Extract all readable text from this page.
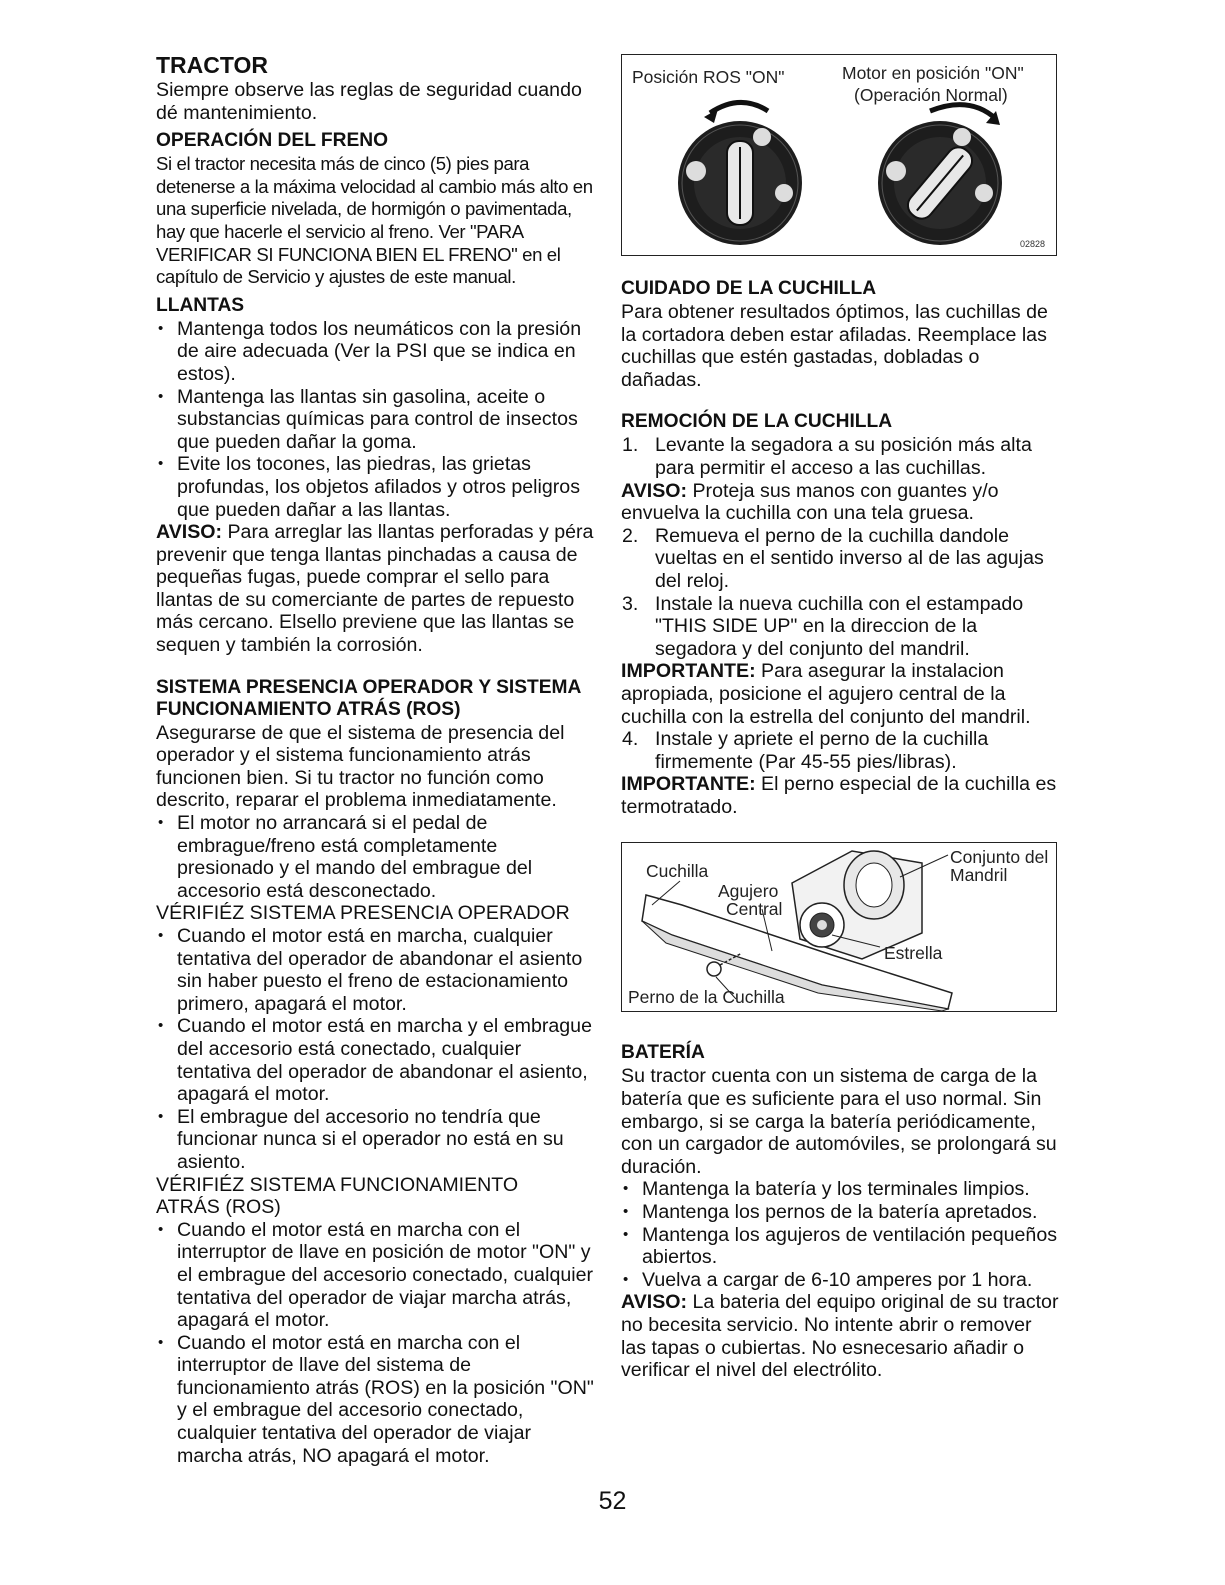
TRACTOR

Siempre observe las reglas de seguridad cuando dé mantenimiento.

OPERACIÓN DEL FRENO

Si el tractor necesita más de cinco (5) pies para detenerse a la máxima velocidad al cambio más alto en una superficie nivelada, de hormigón o pavimentada, hay que hacerle el servicio al freno. Ver "PARA VERIFICAR SI FUNCIONA BIEN EL FRENO" en el capítulo de Servicio y ajustes de este manual.

LLANTAS
• Mantenga todos los neumáticos con la presión de aire adecuada (Ver la PSI que se indica en estos).
• Mantenga las llantas sin gasolina, aceite o substancias químicas para control de insectos que pueden dañar la goma.
• Evite los tocones, las piedras, las grietas profundas, los objetos afilados y otros peligros que pueden dañar a las llantas.

AVISO: Para arreglar las llantas perforadas y péra prevenir que tenga llantas pinchadas a causa de pequeñas fugas, puede comprar el sello para llantas de su comerciante de partes de repuesto más cercano. Elsello previene que las llantas se sequen y también la corrosión.

SISTEMA PRESENCIA OPERADOR Y SISTEMA FUNCIONAMIENTO ATRÁS (ROS)

Asegurarse de que el sistema de presencia del operador y el sistema funcionamiento atrás funcionen bien. Si tu tractor no función como descrito, reparar el problema inmediatamente.

• El motor no arrancará si el pedal de embrague/freno está completamente presionado y el mando del embrague del accesorio está desconectado.

VÉRIFIÉZ SISTEMA PRESENCIA OPERADOR

• Cuando el motor está en marcha, cualquier tentativa del operador de abandonar el asiento sin haber puesto el freno de estacionamiento primero, apagará el motor.
• Cuando el motor está en marcha y el embrague del accesorio está conectado, cualquier tentativa del operador de abandonar el asiento, apagará el motor.
• El embrague del accesorio no tendría que funcionar nunca si el operador no está en su asiento.

VÉRIFIÉZ SISTEMA FUNCIONAMIENTO ATRÁS (ROS)

• Cuando el motor está en marcha con el interruptor de llave en posición de motor "ON" y el embrague del accesorio conectado, cualquier tentativa del operador de viajar marcha atrás, apagará el motor.
• Cuando el motor está en marcha con el interruptor de llave del sistema de funcionamiento atrás (ROS) en la posición "ON" y el embrague del accesorio conectado, cualquier tentativa del operador de viajar marcha atrás, NO apagará el motor.
Posición ROS "ON"	Motor en posición "ON"
(Operación Normal)
02828
CUIDADO DE LA CUCHILLA

Para obtener resultados óptimos, las cuchillas de la cortadora deben estar afiladas. Reemplace las cuchillas que estén gastadas, dobladas o dañadas.

REMOCIÓN DE LA CUCHILLA
1. Levante la segadora a su posición más alta para permitir el acceso a las cuchillas.

AVISO: Proteja sus manos con guantes y/o envuelva la cuchilla con una tela gruesa.

2. Remueva el perno de la cuchilla dandole vueltas en el sentido inverso al de las agujas del reloj.
3. Instale la nueva cuchilla con el estampado "THIS SIDE UP" en la direccion de la segadora y del conjunto del mandril.

IMPORTANTE: Para asegurar la instalacion apropiada, posicione el agujero central de la cuchilla con la estrella del conjunto del mandril.

4. Instale y apriete el perno de la cuchilla firmemente (Par 45-55 pies/libras).

IMPORTANTE: El perno especial de la cuchilla es termotratado.

Cuchilla
Agujero
Central
Conjunto del
Mandril
Estrella
Perno de la Cuchilla
BATERÍA

Su tractor cuenta con un sistema de carga de la batería que es suficiente para el uso normal. Sin embargo, si se carga la batería periódicamente, con un cargador de automóviles, se prolongará su duración.

• Mantenga la batería y los terminales limpios.
• Mantenga los pernos de la batería apretados.
• Mantenga los agujeros de ventilación pequeños abiertos.
• Vuelva a cargar de 6-10 amperes por 1 hora.

AVISO: La bateria del equipo original de su tractor no becesita servicio. No intente abrir o remover las tapas o cubiertas. No esnecesario añadir o verificar el nivel del electrólito.

52
